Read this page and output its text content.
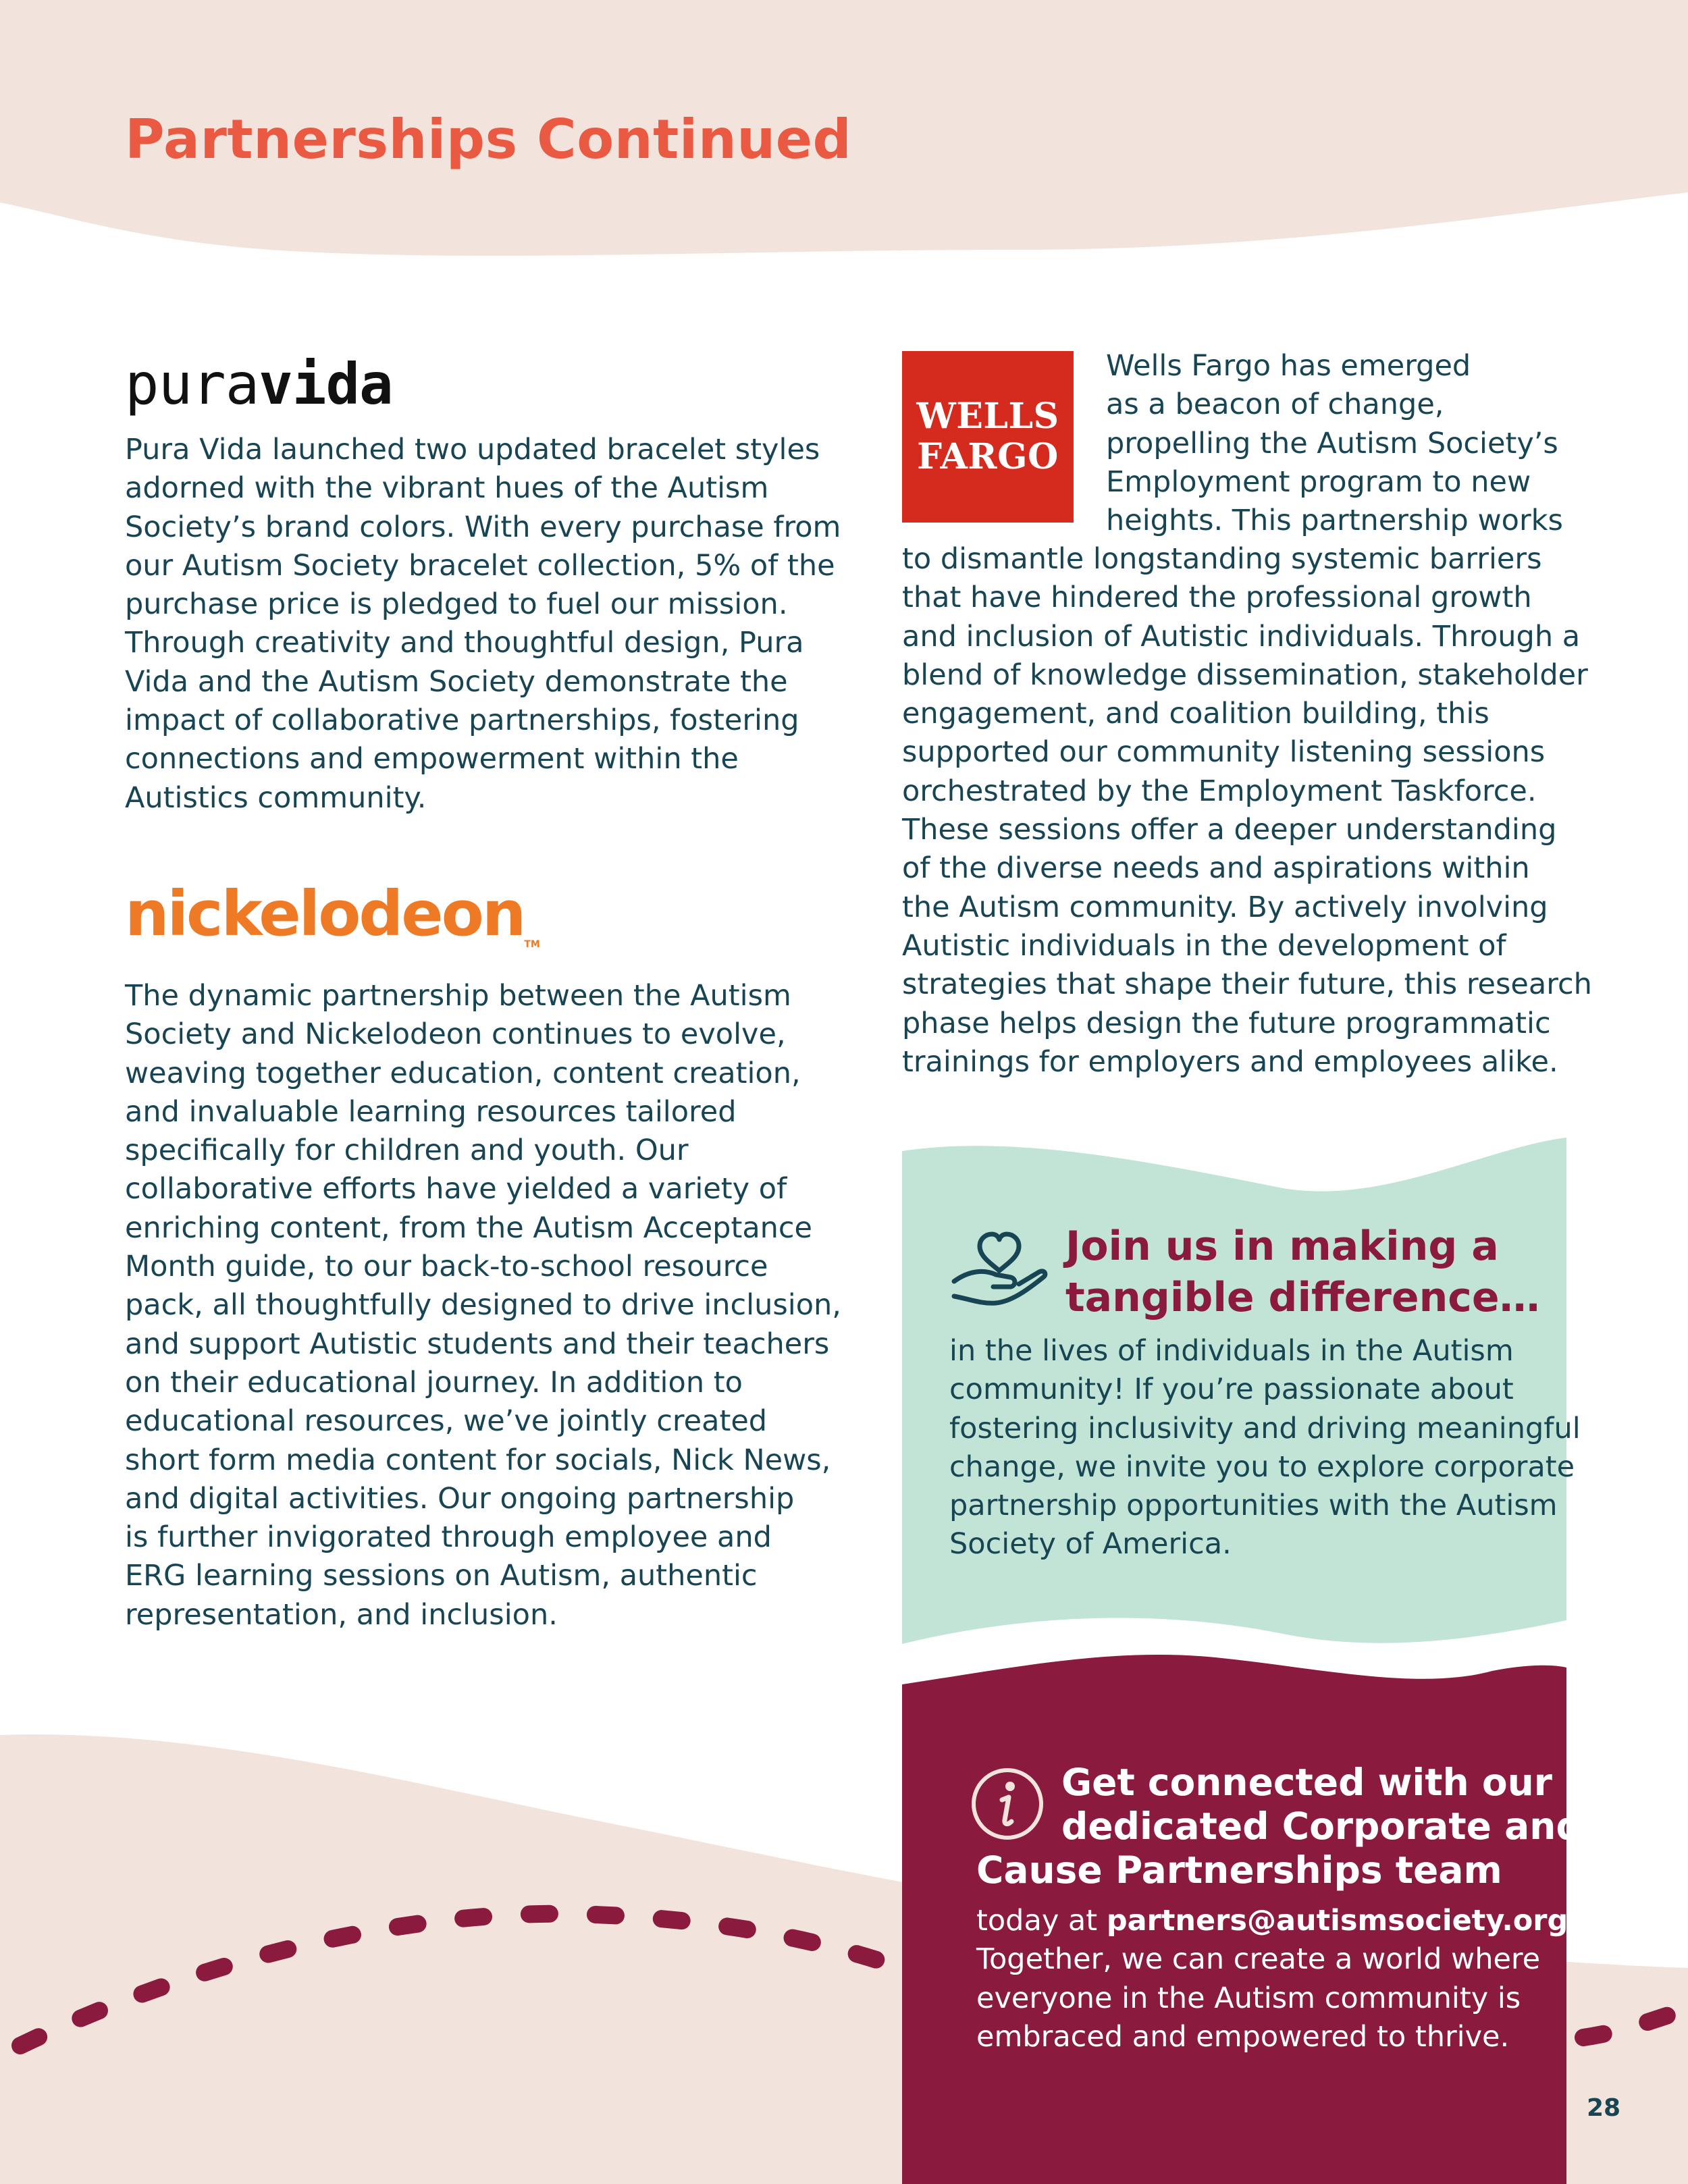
Partnerships Continued
puravida
Pura Vida launched two updated bracelet styles
adorned with the vibrant hues of the Autism
Society’s brand colors. With every purchase from
our Autism Society bracelet collection, 5% of the
purchase price is pledged to fuel our mission.
Through creativity and thoughtful design, Pura
Vida and the Autism Society demonstrate the
impact of collaborative partnerships, fostering
connections and empowerment within the
Autistics community.
nickelodeonTM
The dynamic partnership between the Autism
Society and Nickelodeon continues to evolve,
weaving together education, content creation,
and invaluable learning resources tailored
specifically for children and youth. Our
collaborative efforts have yielded a variety of
enriching content, from the Autism Acceptance
Month guide, to our back-to-school resource
pack, all thoughtfully designed to drive inclusion,
and support Autistic students and their teachers
on their educational journey. In addition to
educational resources, we’ve jointly created
short form media content for socials, Nick News,
and digital activities. Our ongoing partnership
is further invigorated through employee and
ERG learning sessions on Autism, authentic
representation, and inclusion.
WELLS
FARGO
Wells Fargo has emerged
as a beacon of change,
propelling the Autism Society’s
Employment program to new
heights. This partnership works
to dismantle longstanding systemic barriers
that have hindered the professional growth
and inclusion of Autistic individuals. Through a
blend of knowledge dissemination, stakeholder
engagement, and coalition building, this
supported our community listening sessions
orchestrated by the Employment Taskforce.
These sessions offer a deeper understanding
of the diverse needs and aspirations within
the Autism community. By actively involving
Autistic individuals in the development of
strategies that shape their future, this research
phase helps design the future programmatic
trainings for employers and employees alike.
Join us in making a
tangible difference…
in the lives of individuals in the Autism
community! If you’re passionate about
fostering inclusivity and driving meaningful
change, we invite you to explore corporate
partnership opportunities with the Autism
Society of America.
Get connected with our
dedicated Corporate and
Cause Partnerships team
today at partners@autismsociety.org.
Together, we can create a world where
everyone in the Autism community is
embraced and empowered to thrive.
28
